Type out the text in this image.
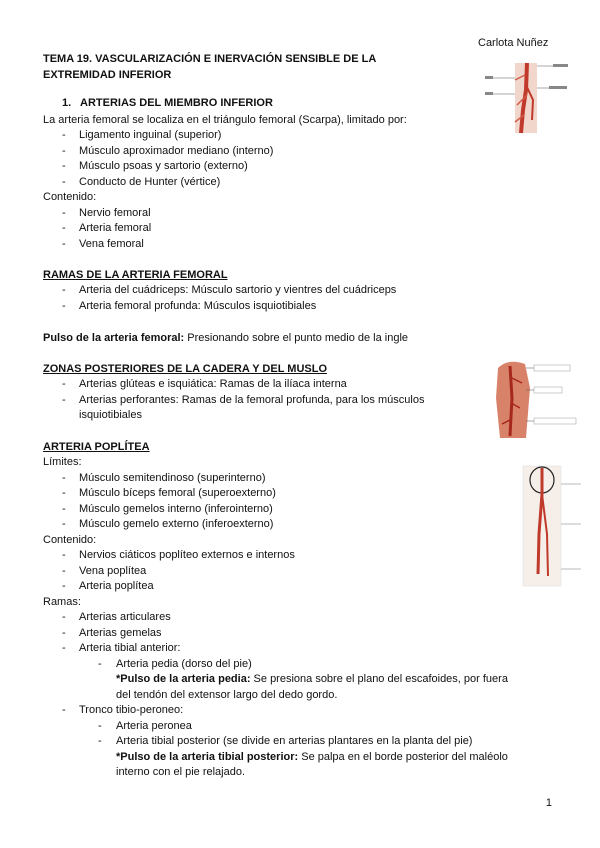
Carlota Nuñez
TEMA 19. VASCULARIZACIÓN E INERVACIÓN SENSIBLE DE LA
EXTREMIDAD INFERIOR
1. ARTERIAS DEL MIEMBRO INFERIOR
La arteria femoral se localiza en el triángulo femoral (Scarpa), limitado por:
- Ligamento inguinal (superior)
- Músculo aproximador mediano (interno)
- Músculo psoas y sartorio (externo)
- Conducto de Hunter (vértice)
Contenido:
- Nervio femoral
- Arteria femoral
- Vena femoral
RAMAS DE LA ARTERIA FEMORAL
- Arteria del cuádriceps: Músculo sartorio y vientres del cuádriceps
- Arteria femoral profunda: Músculos isquiotibiales
Pulso de la arteria femoral: Presionando sobre el punto medio de la ingle
ZONAS POSTERIORES DE LA CADERA Y DEL MUSLO
- Arterias glúteas e isquiática: Ramas de la ilíaca interna
- Arterias perforantes: Ramas de la femoral profunda, para los músculos
isquiotibiales
ARTERIA POPLÍTEA
Límites:
- Músculo semitendinoso (superinterno)
- Músculo bíceps femoral (superoexterno)
- Músculo gemelos interno (inferointerno)
- Músculo gemelo externo (inferoexterno)
Contenido:
- Nervios ciáticos poplíteo externos e internos
- Vena poplítea
- Arteria poplítea
Ramas:
- Arterias articulares
- Arterias gemelas
- Arteria tibial anterior:
- Arteria pedia (dorso del pie)
*Pulso de la arteria pedia: Se presiona sobre el plano del escafoides, por fuera
del tendón del extensor largo del dedo gordo.
- Tronco tibio-peroneo:
- Arteria peronea
- Arteria tibial posterior (se divide en arterias plantares en la planta del pie)
*Pulso de la arteria tibial posterior: Se palpa en el borde posterior del maléolo
interno con el pie relajado.
1
